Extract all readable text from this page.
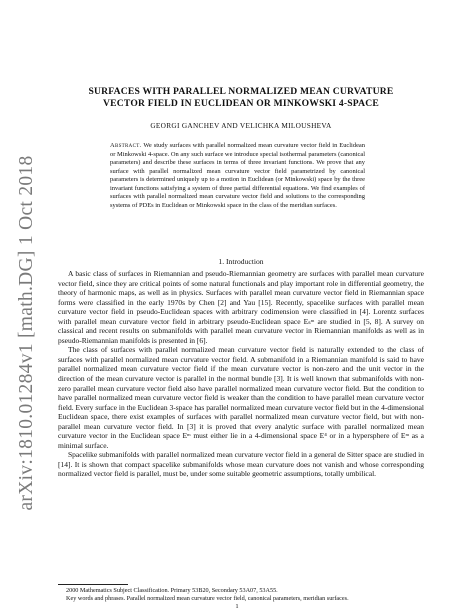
arXiv:1810.01284v1 [math.DG] 1 Oct 2018
SURFACES WITH PARALLEL NORMALIZED MEAN CURVATURE
VECTOR FIELD IN EUCLIDEAN OR MINKOWSKI 4-SPACE
GEORGI GANCHEV AND VELICHKA MILOUSHEVA
Abstract. We study surfaces with parallel normalized mean curvature vector field in Euclidean or Minkowski 4-space. On any such surface we introduce special isothermal parameters (canonical parameters) and describe these surfaces in terms of three invariant functions. We prove that any surface with parallel normalized mean curvature vector field parametrized by canonical parameters is determined uniquely up to a motion in Euclidean (or Minkowski) space by the three invariant functions satisfying a system of three partial differential equations. We find examples of surfaces with parallel normalized mean curvature vector field and solutions to the corresponding systems of PDEs in Euclidean or Minkowski space in the class of the meridian surfaces.
1. Introduction

A basic class of surfaces in Riemannian and pseudo-Riemannian geometry are surfaces with parallel mean curvature vector field, since they are critical points of some natural functionals and play important role in differential geometry, the theory of harmonic maps, as well as in physics. Surfaces with parallel mean curvature vector field in Riemannian space forms were classified in the early 1970s by Chen [2] and Yau [15]. Recently, spacelike surfaces with parallel mean curvature vector field in pseudo-Euclidean spaces with arbitrary codimension were classified in [4]. Lorentz surfaces with parallel mean curvature vector field in arbitrary pseudo-Euclidean space Eₛᵐ are studied in [5, 8]. A survey on classical and recent results on submanifolds with parallel mean curvature vector in Riemannian manifolds as well as in pseudo-Riemannian manifolds is presented in [6].

The class of surfaces with parallel normalized mean curvature vector field is naturally extended to the class of surfaces with parallel normalized mean curvature vector field. A submanifold in a Riemannian manifold is said to have parallel normalized mean curvature vector field if the mean curvature vector is non-zero and the unit vector in the direction of the mean curvature vector is parallel in the normal bundle [3]. It is well known that submanifolds with non-zero parallel mean curvature vector field also have parallel normalized mean curvature vector field. But the condition to have parallel normalized mean curvature vector field is weaker than the condition to have parallel mean curvature vector field. Every surface in the Euclidean 3-space has parallel normalized mean curvature vector field but in the 4-dimensional Euclidean space, there exist examples of surfaces with parallel normalized mean curvature vector field, but with non-parallel mean curvature vector field. In [3] it is proved that every analytic surface with parallel normalized mean curvature vector in the Euclidean space Eᵐ must either lie in a 4-dimensional space E⁴ or in a hypersphere of Eᵐ as a minimal surface.

Spacelike submanifolds with parallel normalized mean curvature vector field in a general de Sitter space are studied in [14]. It is shown that compact spacelike submanifolds whose mean curvature does not vanish and whose corresponding normalized vector field is parallel, must be, under some suitable geometric assumptions, totally umbilical.

2000 Mathematics Subject Classification. Primary 53B20, Secondary 53A07, 53A55.

Key words and phrases. Parallel normalized mean curvature vector field, canonical parameters, meridian surfaces.

1
